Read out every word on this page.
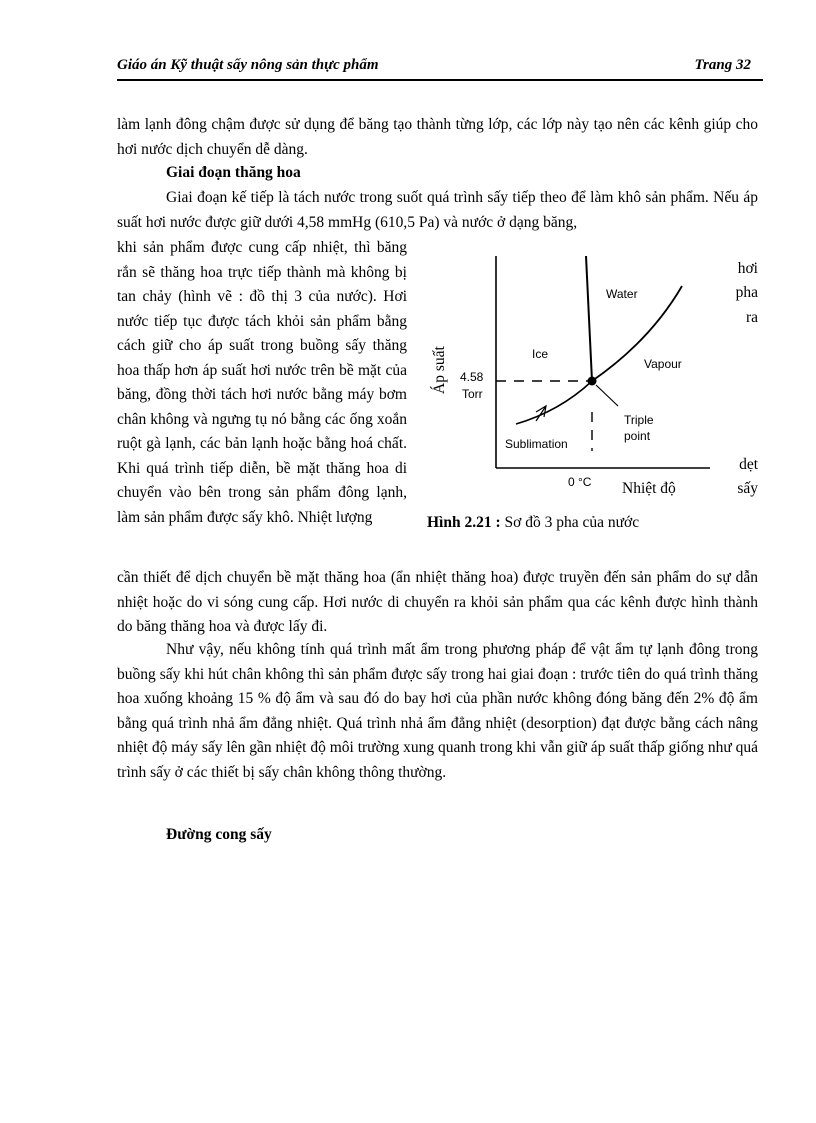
Giáo án Kỹ thuật sấy nông sản thực phẩm	Trang 32
làm lạnh đông chậm được sử dụng để băng tạo thành từng lớp, các lớp này tạo nên các kênh giúp cho hơi nước dịch chuyển dễ dàng.
Giai đoạn thăng hoa
Giai đoạn kế tiếp là tách nước trong suốt quá trình sấy tiếp theo để làm khô sản phẩm. Nếu áp suất hơi nước được giữ dưới 4,58 mmHg (610,5 Pa) và nước ở dạng băng,
khi sản phẩm được cung cấp nhiệt, thì băng rắn sẽ thăng hoa trực tiếp thành mà không bị tan chảy (hình vẽ : đồ thị 3 của nước). Hơi nước tiếp tục được tách khỏi sản phẩm bằng cách giữ cho áp suất trong buồng sấy thăng hoa thấp hơn áp suất hơi nước trên bề mặt của băng, đồng thời tách hơi nước bằng máy bơm chân không và ngưng tụ nó bằng các ống xoắn ruột gà lạnh, các bản lạnh hoặc bằng hoá chất. Khi quá trình tiếp diễn, bề mặt thăng hoa di chuyển vào bên trong sản phẩm đông lạnh, làm sản phẩm được sấy khô. Nhiệt lượng
hơi
pha
ra
dẹt
sấy
Water
Ice
Vapour
Triple
point
Sublimation
4.58
Torr
0 °C Nhiệt độ
Áp suất
Hình 2.21 : Sơ đồ 3 pha của nước
cần thiết để dịch chuyển bề mặt thăng hoa (ẩn nhiệt thăng hoa) được truyền đến sản phẩm do sự dẫn nhiệt hoặc do vi sóng cung cấp. Hơi nước di chuyển ra khỏi sản phẩm qua các kênh được hình thành do băng thăng hoa và được lấy đi.
Như vậy, nếu không tính quá trình mất ẩm trong phương pháp để vật ẩm tự lạnh đông trong buồng sấy khi hút chân không thì sản phẩm được sấy trong hai giai đoạn : trước tiên do quá trình thăng hoa xuống khoảng 15 % độ ẩm và sau đó do bay hơi của phần nước không đóng băng đến 2% độ ẩm bằng quá trình nhả ẩm đẳng nhiệt. Quá trình nhả ẩm đẳng nhiệt (desorption) đạt được bằng cách nâng nhiệt độ máy sấy lên gần nhiệt độ môi trường xung quanh trong khi vẫn giữ áp suất thấp giống như quá trình sấy ở các thiết bị sấy chân không thông thường.
Đường cong sấy
